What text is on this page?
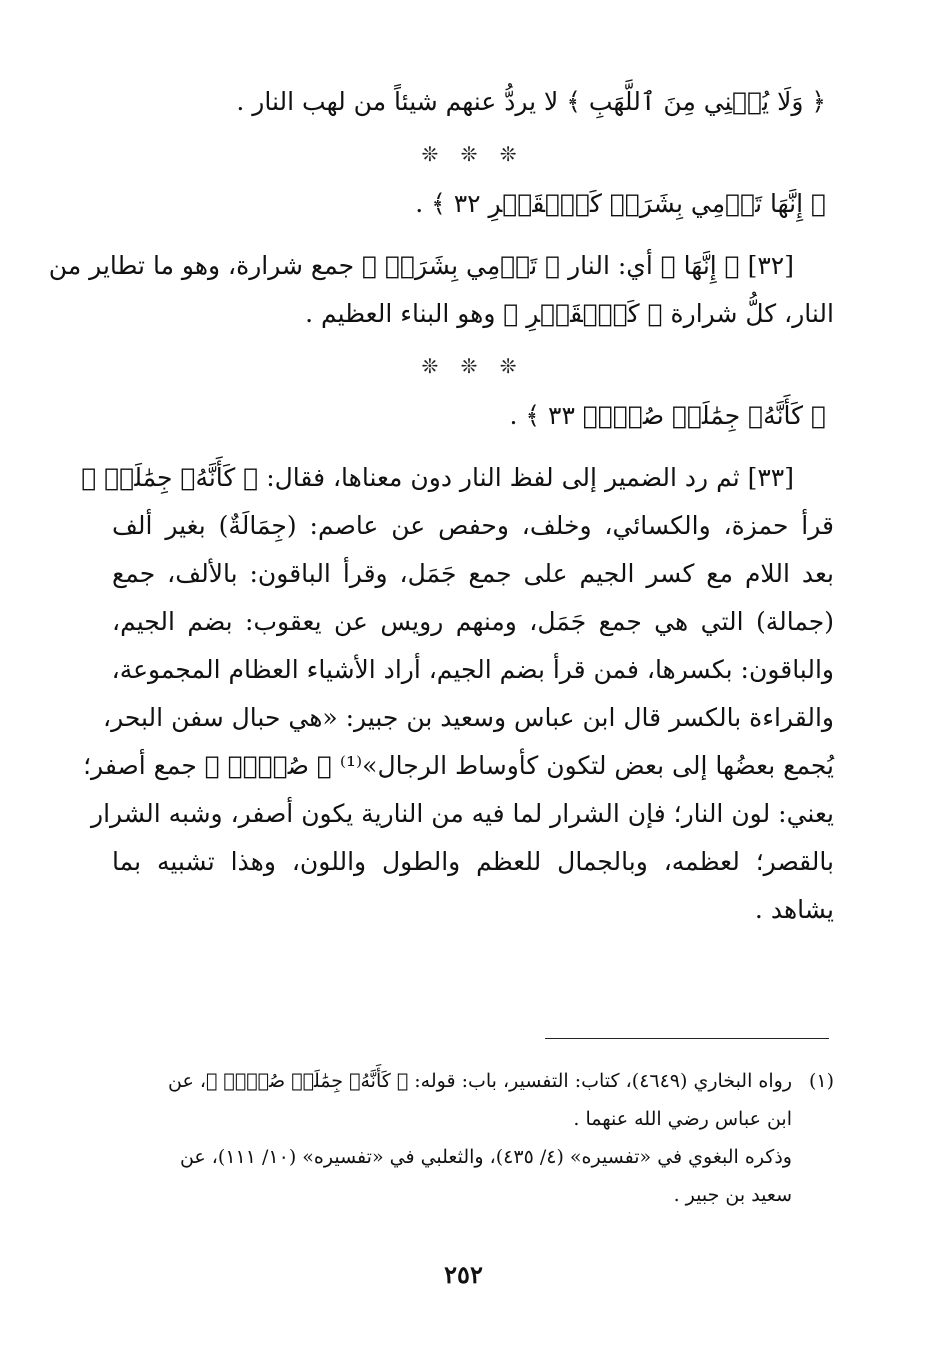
﴿ وَلَا يُغۡنِي مِنَ ٱللَّهَبِ ﴾ لا يردُّ عنهم شيئاً من لهب النار .

❊ ❊ ❊

﴿ إِنَّهَا تَرۡمِي بِشَرَرٖ كَٱلۡقَصۡرِ ٣٢ ﴾ .

[٣٢] ﴿ إِنَّهَا ﴾ أي: النار ﴿ تَرۡمِي بِشَرَرٖ ﴾ جمع شرارة، وهو ما تطاير من
النار، كلُّ شرارة ﴿ كَٱلۡقَصۡرِ ﴾ وهو البناء العظيم .
❊ ❊ ❊

﴿ كَأَنَّهُۥ جِمَٰلَتٞ صُفۡرٞ ٣٣ ﴾ .

[٣٣] ثم رد الضمير إلى لفظ النار دون معناها، فقال: ﴿ كَأَنَّهُۥ جِمَٰلَتٞ ﴾
قرأ حمزة، والكسائي، وخلف، وحفص عن عاصم: (جِمَالَةٌ) بغير ألف
بعد اللام مع كسر الجيم على جمع جَمَل، وقرأ الباقون: بالألف، جمع
(جمالة) التي هي جمع جَمَل، ومنهم رويس عن يعقوب: بضم الجيم،
والباقون: بكسرها، فمن قرأ بضم الجيم، أراد الأشياء العظام المجموعة،
والقراءة بالكسر قال ابن عباس وسعيد بن جبير: «هي حبال سفن البحر،
يُجمع بعضُها إلى بعض لتكون كأوساط الرجال»⁽¹⁾ ﴿ صُفۡرٞ ﴾ جمع أصفر؛
يعني: لون النار؛ فإن الشرار لما فيه من النارية يكون أصفر، وشبه الشرار
بالقصر؛ لعظمه، وبالجمال للعظم والطول واللون، وهذا تشبيه بما
يشاهد .

(١)رواه البخاري (٤٦٤٩)، كتاب: التفسير، باب: قوله: ﴿ كَأَنَّهُۥ جِمَٰلَتٞ صُفۡرٞ ﴾، عن
ابن عباس رضي الله عنهما .
وذكره البغوي في «تفسيره» (٤/ ٤٣٥)، والثعلبي في «تفسيره» (١٠/ ١١١)، عن
سعيد بن جبير .

٢٥٢
